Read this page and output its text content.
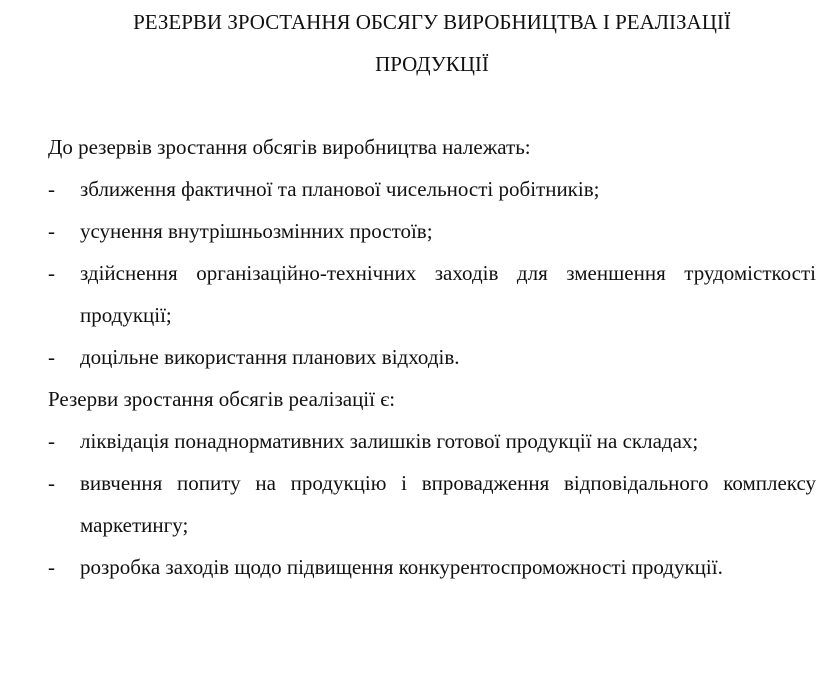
РЕЗЕРВИ ЗРОСТАННЯ ОБСЯГУ ВИРОБНИЦТВА І РЕАЛІЗАЦІЇ
ПРОДУКЦІЇ

До резервів зростання обсягів виробництва належать:

- зближення фактичної та планової чисельності робітників;
- усунення внутрішньозмінних простоїв;
- здійснення організаційно-технічних заходів для зменшення трудомісткості продукції;
- доцільне використання планових відходів.

Резерви зростання обсягів реалізації є:

- ліквідація понаднормативних залишків готової продукції на складах;
- вивчення попиту на продукцію і впровадження відповідального комплексу маркетингу;
- розробка заходів щодо підвищення конкурентоспроможності продукції.
